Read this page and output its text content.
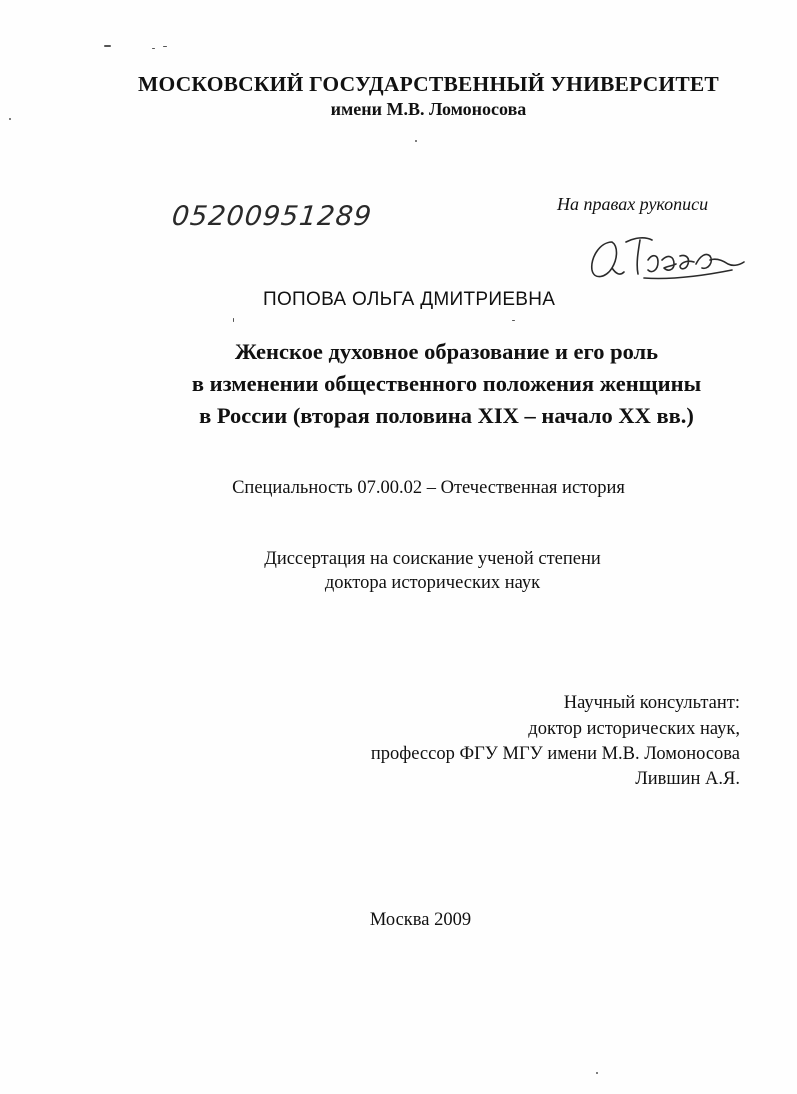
МОСКОВСКИЙ ГОСУДАРСТВЕННЫЙ УНИВЕРСИТЕТ
имени М.В. Ломоносова
05200951289	На правах рукописи
ПОПОВА ОЛЬГА ДМИТРИЕВНА
Женское духовное образование и его роль
в изменении общественного положения женщины
в России (вторая половина XIX – начало XX вв.)
Специальность 07.00.02 – Отечественная история
Диссертация на соискание ученой степени
доктора исторических наук
Научный консультант:
доктор исторических наук,
профессор ФГУ МГУ имени М.В. Ломоносова
Лившин А.Я.
Москва 2009
